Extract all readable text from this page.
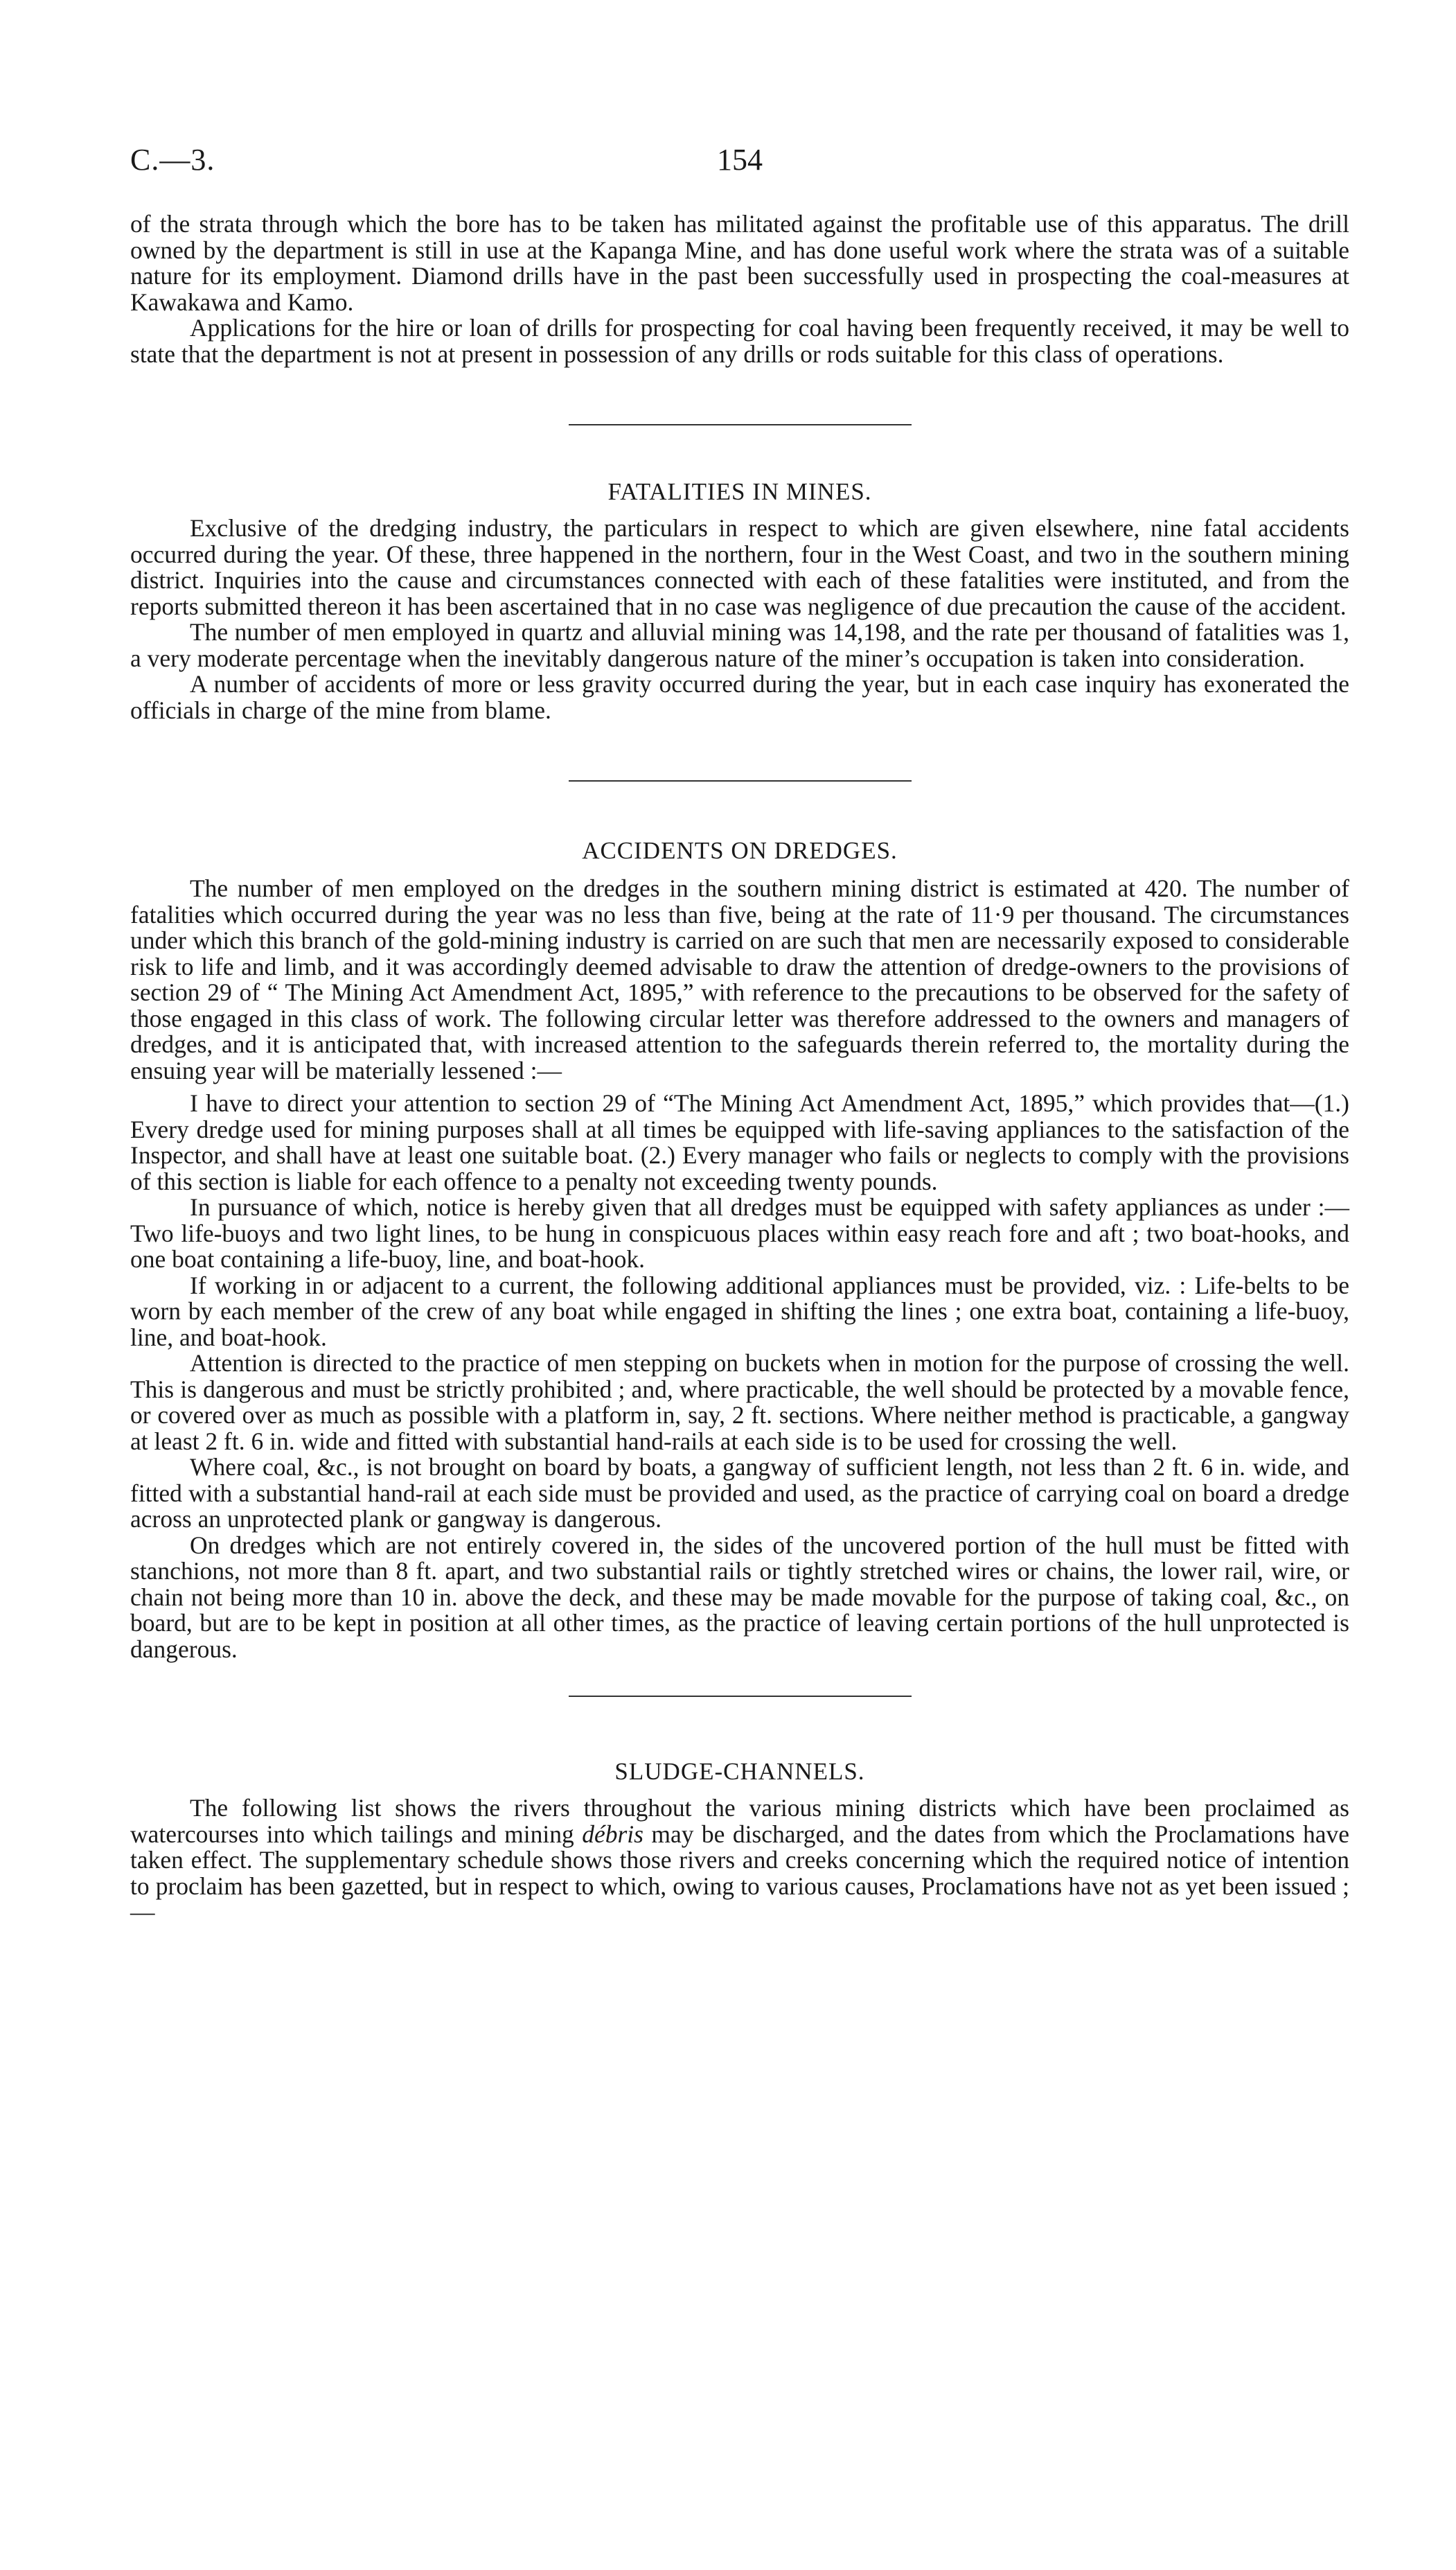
C.—3.	154

of the strata through which the bore has to be taken has militated against the profitable use of this apparatus. The drill owned by the department is still in use at the Kapanga Mine, and has done useful work where the strata was of a suitable nature for its employment. Diamond drills have in the past been successfully used in prospecting the coal-measures at Kawakawa and Kamo.

Applications for the hire or loan of drills for prospecting for coal having been frequently received, it may be well to state that the department is not at present in possession of any drills or rods suitable for this class of operations.

FATALITIES IN MINES.

Exclusive of the dredging industry, the particulars in respect to which are given elsewhere, nine fatal accidents occurred during the year. Of these, three happened in the northern, four in the West Coast, and two in the southern mining district. Inquiries into the cause and circumstances connected with each of these fatalities were instituted, and from the reports submitted thereon it has been ascertained that in no case was negligence of due precaution the cause of the accident.

The number of men employed in quartz and alluvial mining was 14,198, and the rate per thousand of fatalities was 1, a very moderate percentage when the inevitably dangerous nature of the miner’s occupation is taken into consideration.

A number of accidents of more or less gravity occurred during the year, but in each case inquiry has exonerated the officials in charge of the mine from blame.

ACCIDENTS ON DREDGES.

The number of men employed on the dredges in the southern mining district is estimated at 420. The number of fatalities which occurred during the year was no less than five, being at the rate of 11·9 per thousand. The circumstances under which this branch of the gold-mining industry is carried on are such that men are necessarily exposed to considerable risk to life and limb, and it was accordingly deemed advisable to draw the attention of dredge-owners to the provisions of section 29 of “ The Mining Act Amendment Act, 1895,” with reference to the precautions to be observed for the safety of those engaged in this class of work. The following circular letter was therefore addressed to the owners and managers of dredges, and it is anticipated that, with increased attention to the safeguards therein referred to, the mortality during the ensuing year will be materially lessened :—

I have to direct your attention to section 29 of “The Mining Act Amendment Act, 1895,” which provides that—(1.) Every dredge used for mining purposes shall at all times be equipped with life-saving appliances to the satisfaction of the Inspector, and shall have at least one suitable boat. (2.) Every manager who fails or neglects to comply with the provisions of this section is liable for each offence to a penalty not exceeding twenty pounds.

In pursuance of which, notice is hereby given that all dredges must be equipped with safety appliances as under :—Two life-buoys and two light lines, to be hung in conspicuous places within easy reach fore and aft ; two boat-hooks, and one boat containing a life-buoy, line, and boat-hook.

If working in or adjacent to a current, the following additional appliances must be provided, viz. : Life-belts to be worn by each member of the crew of any boat while engaged in shifting the lines ; one extra boat, containing a life-buoy, line, and boat-hook.

Attention is directed to the practice of men stepping on buckets when in motion for the purpose of crossing the well. This is dangerous and must be strictly prohibited ; and, where practicable, the well should be protected by a movable fence, or covered over as much as possible with a platform in, say, 2 ft. sections. Where neither method is practicable, a gangway at least 2 ft. 6 in. wide and fitted with substantial hand-rails at each side is to be used for crossing the well.

Where coal, &c., is not brought on board by boats, a gangway of sufficient length, not less than 2 ft. 6 in. wide, and fitted with a substantial hand-rail at each side must be provided and used, as the practice of carrying coal on board a dredge across an unprotected plank or gangway is dangerous.

On dredges which are not entirely covered in, the sides of the uncovered portion of the hull must be fitted with stanchions, not more than 8 ft. apart, and two substantial rails or tightly stretched wires or chains, the lower rail, wire, or chain not being more than 10 in. above the deck, and these may be made movable for the purpose of taking coal, &c., on board, but are to be kept in position at all other times, as the practice of leaving certain portions of the hull unprotected is dangerous.

SLUDGE-CHANNELS.

The following list shows the rivers throughout the various mining districts which have been proclaimed as watercourses into which tailings and mining débris may be discharged, and the dates from which the Proclamations have taken effect. The supplementary schedule shows those rivers and creeks concerning which the required notice of intention to proclaim has been gazetted, but in respect to which, owing to various causes, Proclamations have not as yet been issued ;—
